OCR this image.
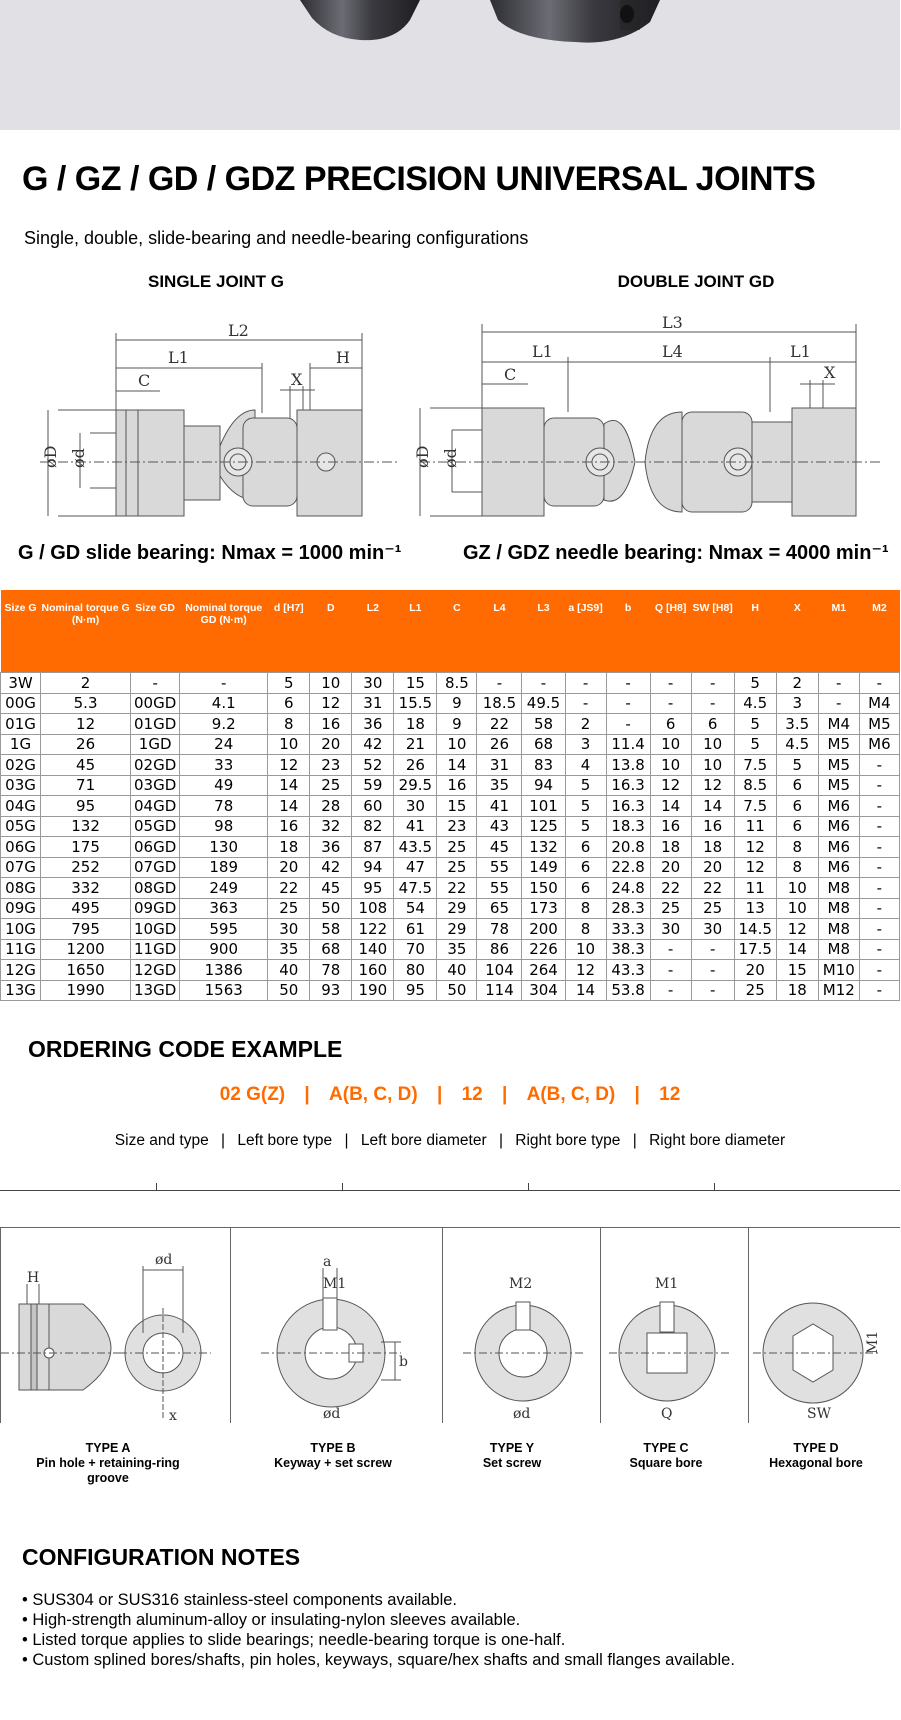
G / GZ / GD / GDZ PRECISION UNIVERSAL JOINTS
Single, double, slide-bearing and needle-bearing configurations
SINGLE JOINT G	DOUBLE JOINT GD
L2
L1
C
H
X
øD ød
L3
L1	L4	L1
C	X
øD ød
G / GD slide bearing: Nmax = 1000 min⁻¹	GZ / GDZ needle bearing: Nmax = 4000 min⁻¹
Size G	Nominal torque G (N·m)	Size GD	Nominal torque GD (N·m)	d [H7]	D	L2	L1	C	L4	L3	a [JS9]	b	Q [H8]	SW [H8]	H	X	M1	M2
3W	2	-	-	5	10	30	15	8.5	-	-	-	-	-	-	5	2	-	-
00G	5.3	00GD	4.1	6	12	31	15.5	9	18.5	49.5	-	-	-	-	4.5	3	-	M4
01G	12	01GD	9.2	8	16	36	18	9	22	58	2	-	6	6	5	3.5	M4	M5
1G	26	1GD	24	10	20	42	21	10	26	68	3	11.4	10	10	5	4.5	M5	M6
02G	45	02GD	33	12	23	52	26	14	31	83	4	13.8	10	10	7.5	5	M5	-
03G	71	03GD	49	14	25	59	29.5	16	35	94	5	16.3	12	12	8.5	6	M5	-
04G	95	04GD	78	14	28	60	30	15	41	101	5	16.3	14	14	7.5	6	M6	-
05G	132	05GD	98	16	32	82	41	23	43	125	5	18.3	16	16	11	6	M6	-
06G	175	06GD	130	18	36	87	43.5	25	45	132	6	20.8	18	18	12	8	M6	-
07G	252	07GD	189	20	42	94	47	25	55	149	6	22.8	20	20	12	8	M6	-
08G	332	08GD	249	22	45	95	47.5	22	55	150	6	24.8	22	22	11	10	M8	-
09G	495	09GD	363	25	50	108	54	29	65	173	8	28.3	25	25	13	10	M8	-
10G	795	10GD	595	30	58	122	61	29	78	200	8	33.3	30	30	14.5	12	M8	-
11G	1200	11GD	900	35	68	140	70	35	86	226	10	38.3	-	-	17.5	14	M8	-
12G	1650	12GD	1386	40	78	160	80	40	104	264	12	43.3	-	-	20	15	M10	-
13G	1990	13GD	1563	50	93	190	95	50	114	304	14	53.8	-	-	25	18	M12	-
ORDERING CODE EXAMPLE
02 G(Z) | A(B, C, D) | 12 | A(B, C, D) | 12
Size and type | Left bore type | Left bore diameter | Right bore type | Right bore diameter
H
ød
x
a
M1
b
ød
M2
ød
M1
Q	SW
M1
TYPE A
Pin hole + retaining-ring groove
TYPE B
Keyway + set screw
TYPE Y
Set screw
TYPE C
Square bore
TYPE D
Hexagonal bore
CONFIGURATION NOTES
• SUS304 or SUS316 stainless-steel components available.
• High-strength aluminum-alloy or insulating-nylon sleeves available.
• Listed torque applies to slide bearings; needle-bearing torque is one-half.
• Custom splined bores/shafts, pin holes, keyways, square/hex shafts and small flanges available.
